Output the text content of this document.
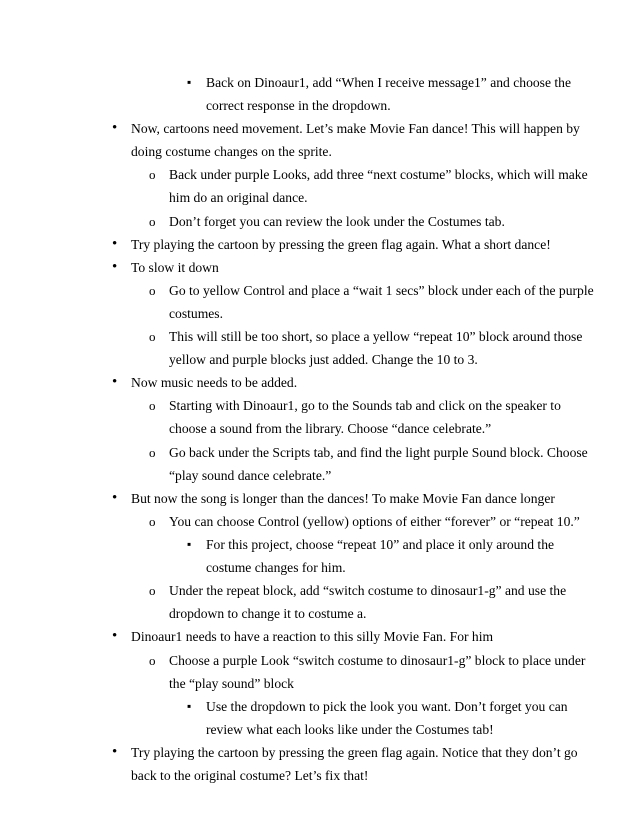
▪ Back on Dinoaur1, add “When I receive message1” and choose the
correct response in the dropdown.
• Now, cartoons need movement. Let’s make Movie Fan dance! This will happen by
doing costume changes on the sprite.
o Back under purple Looks, add three “next costume” blocks, which will make
him do an original dance.
o Don’t forget you can review the look under the Costumes tab.
• Try playing the cartoon by pressing the green flag again. What a short dance!
• To slow it down
o Go to yellow Control and place a “wait 1 secs” block under each of the purple
costumes.
o This will still be too short, so place a yellow “repeat 10” block around those
yellow and purple blocks just added. Change the 10 to 3.
• Now music needs to be added.
o Starting with Dinoaur1, go to the Sounds tab and click on the speaker to
choose a sound from the library. Choose “dance celebrate.”
o Go back under the Scripts tab, and find the light purple Sound block. Choose
“play sound dance celebrate.”
• But now the song is longer than the dances! To make Movie Fan dance longer
o You can choose Control (yellow) options of either “forever” or “repeat 10.”
▪ For this project, choose “repeat 10” and place it only around the
costume changes for him.
o Under the repeat block, add “switch costume to dinosaur1-g” and use the
dropdown to change it to costume a.
• Dinoaur1 needs to have a reaction to this silly Movie Fan. For him
o Choose a purple Look “switch costume to dinosaur1-g” block to place under
the “play sound” block
▪ Use the dropdown to pick the look you want. Don’t forget you can
review what each looks like under the Costumes tab!
• Try playing the cartoon by pressing the green flag again. Notice that they don’t go
back to the original costume? Let’s fix that!
